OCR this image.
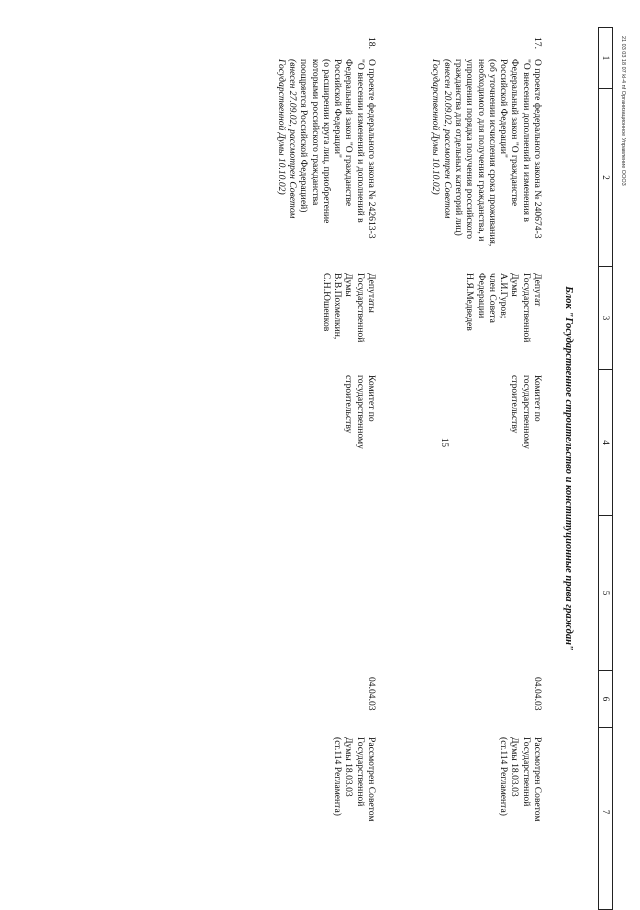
21 03 03 18 07 kl-4 nf Организационное Управление ООО3
15
1
2
3
4
5
6
7
Блок "Государственное строительство и конституционные права граждан"
17.
О проекте федерального закона № 240674-3
"О внесении дополнений и изменения в
Федеральный закон "О гражданстве
Российской Федерации"
(об уточнении исчисления срока проживания,
необходимого для получения гражданства, и
упрощении порядка получения российского
гражданства для отдельных категорий лиц)
(внесен 20.09.02, рассмотрен Советом
Государственной Думы 10.10.02)
Депутат
Государственной
Думы
А.И.Гуров;
член Совета
Федерации
Н.Я.Медведев
Комитет по
государственному
строительству
04.04.03
Рассмотрен Советом
Государственной
Думы 18.03.03
(ст.114 Регламента)
18.
О проекте федерального закона № 242613-3
"О внесении изменений и дополнений в
Федеральный закон "О гражданстве
Российской Федерации"
(о расширении круга лиц, приобретение
которыми российского гражданства
поощряется Российской Федерацией)
(внесен 27.09.02, рассмотрен Советом
Государственной Думы 10.10.02)
Депутаты
Государственной
Думы
В.В.Похмелкин,
С.Н.Юшенков
Комитет по
государственному
строительству
04.04.03
Рассмотрен Советом
Государственной
Думы 18.03.03
(ст.114 Регламента)
